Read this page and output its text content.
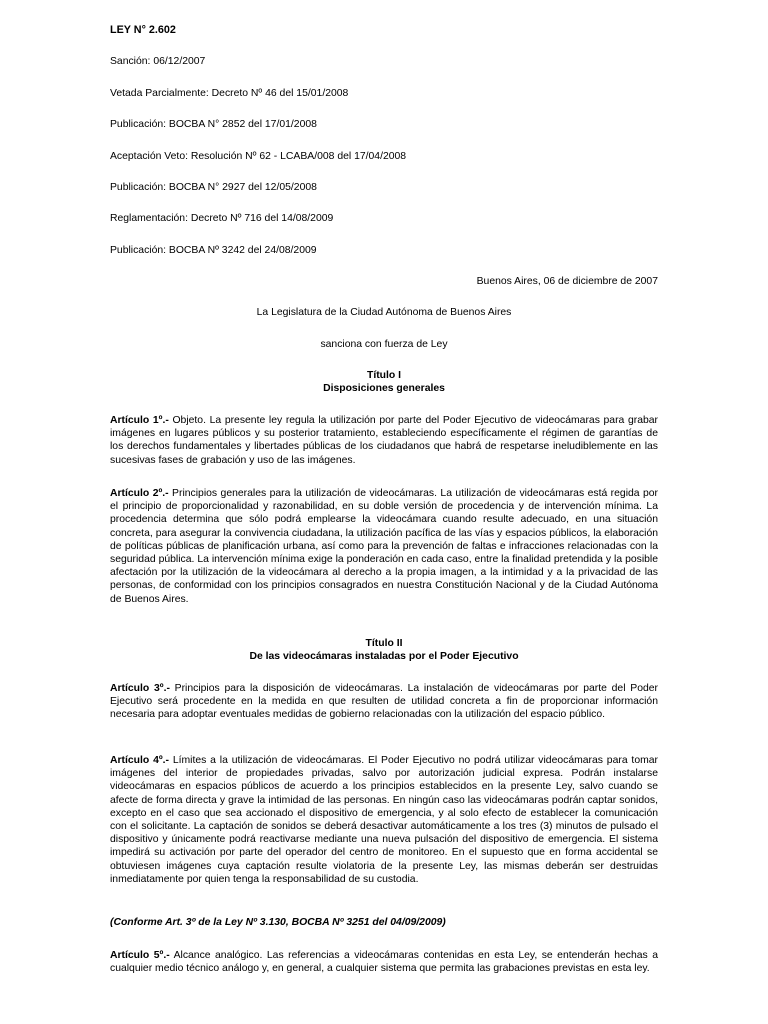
LEY N° 2.602
Sanción: 06/12/2007
Vetada Parcialmente: Decreto Nº 46 del 15/01/2008
Publicación: BOCBA N° 2852 del 17/01/2008
Aceptación Veto: Resolución Nº 62 - LCABA/008 del 17/04/2008
Publicación: BOCBA N° 2927 del 12/05/2008
Reglamentación: Decreto Nº 716 del 14/08/2009
Publicación: BOCBA Nº 3242 del 24/08/2009
Buenos Aires, 06 de diciembre de 2007
La Legislatura de la Ciudad Autónoma de Buenos Aires
sanciona con fuerza de Ley
Título I
Disposiciones generales

Artículo 1º.- Objeto. La presente ley regula la utilización por parte del Poder Ejecutivo de videocámaras para grabar imágenes en lugares públicos y su posterior tratamiento, estableciendo específicamente el régimen de garantías de los derechos fundamentales y libertades públicas de los ciudadanos que habrá de respetarse ineludiblemente en las sucesivas fases de grabación y uso de las imágenes.

Artículo 2º.- Principios generales para la utilización de videocámaras. La utilización de videocámaras está regida por el principio de proporcionalidad y razonabilidad, en su doble versión de procedencia y de intervención mínima. La procedencia determina que sólo podrá emplearse la videocámara cuando resulte adecuado, en una situación concreta, para asegurar la convivencia ciudadana, la utilización pacífica de las vías y espacios públicos, la elaboración de políticas públicas de planificación urbana, así como para la prevención de faltas e infracciones relacionadas con la seguridad pública. La intervención mínima exige la ponderación en cada caso, entre la finalidad pretendida y la posible afectación por la utilización de la videocámara al derecho a la propia imagen, a la intimidad y a la privacidad de las personas, de conformidad con los principios consagrados en nuestra Constitución Nacional y de la Ciudad Autónoma de Buenos Aires.

Título II
De las videocámaras instaladas por el Poder Ejecutivo

Artículo 3º.- Principios para la disposición de videocámaras. La instalación de videocámaras por parte del Poder Ejecutivo será procedente en la medida en que resulten de utilidad concreta a fin de proporcionar información necesaria para adoptar eventuales medidas de gobierno relacionadas con la utilización del espacio público.

Artículo 4º.- Límites a la utilización de videocámaras. El Poder Ejecutivo no podrá utilizar videocámaras para tomar imágenes del interior de propiedades privadas, salvo por autorización judicial expresa. Podrán instalarse videocámaras en espacios públicos de acuerdo a los principios establecidos en la presente Ley, salvo cuando se afecte de forma directa y grave la intimidad de las personas. En ningún caso las videocámaras podrán captar sonidos, excepto en el caso que sea accionado el dispositivo de emergencia, y al solo efecto de establecer la comunicación con el solicitante. La captación de sonidos se deberá desactivar automáticamente a los tres (3) minutos de pulsado el dispositivo y únicamente podrá reactivarse mediante una nueva pulsación del dispositivo de emergencia. El sistema impedirá su activación por parte del operador del centro de monitoreo. En el supuesto que en forma accidental se obtuviesen imágenes cuya captación resulte violatoria de la presente Ley, las mismas deberán ser destruidas inmediatamente por quien tenga la responsabilidad de su custodia.

(Conforme Art. 3º de la Ley Nº 3.130, BOCBA Nº 3251 del 04/09/2009)

Artículo 5º.- Alcance analógico. Las referencias a videocámaras contenidas en esta Ley, se entenderán hechas a cualquier medio técnico análogo y, en general, a cualquier sistema que permita las grabaciones previstas en esta ley.
